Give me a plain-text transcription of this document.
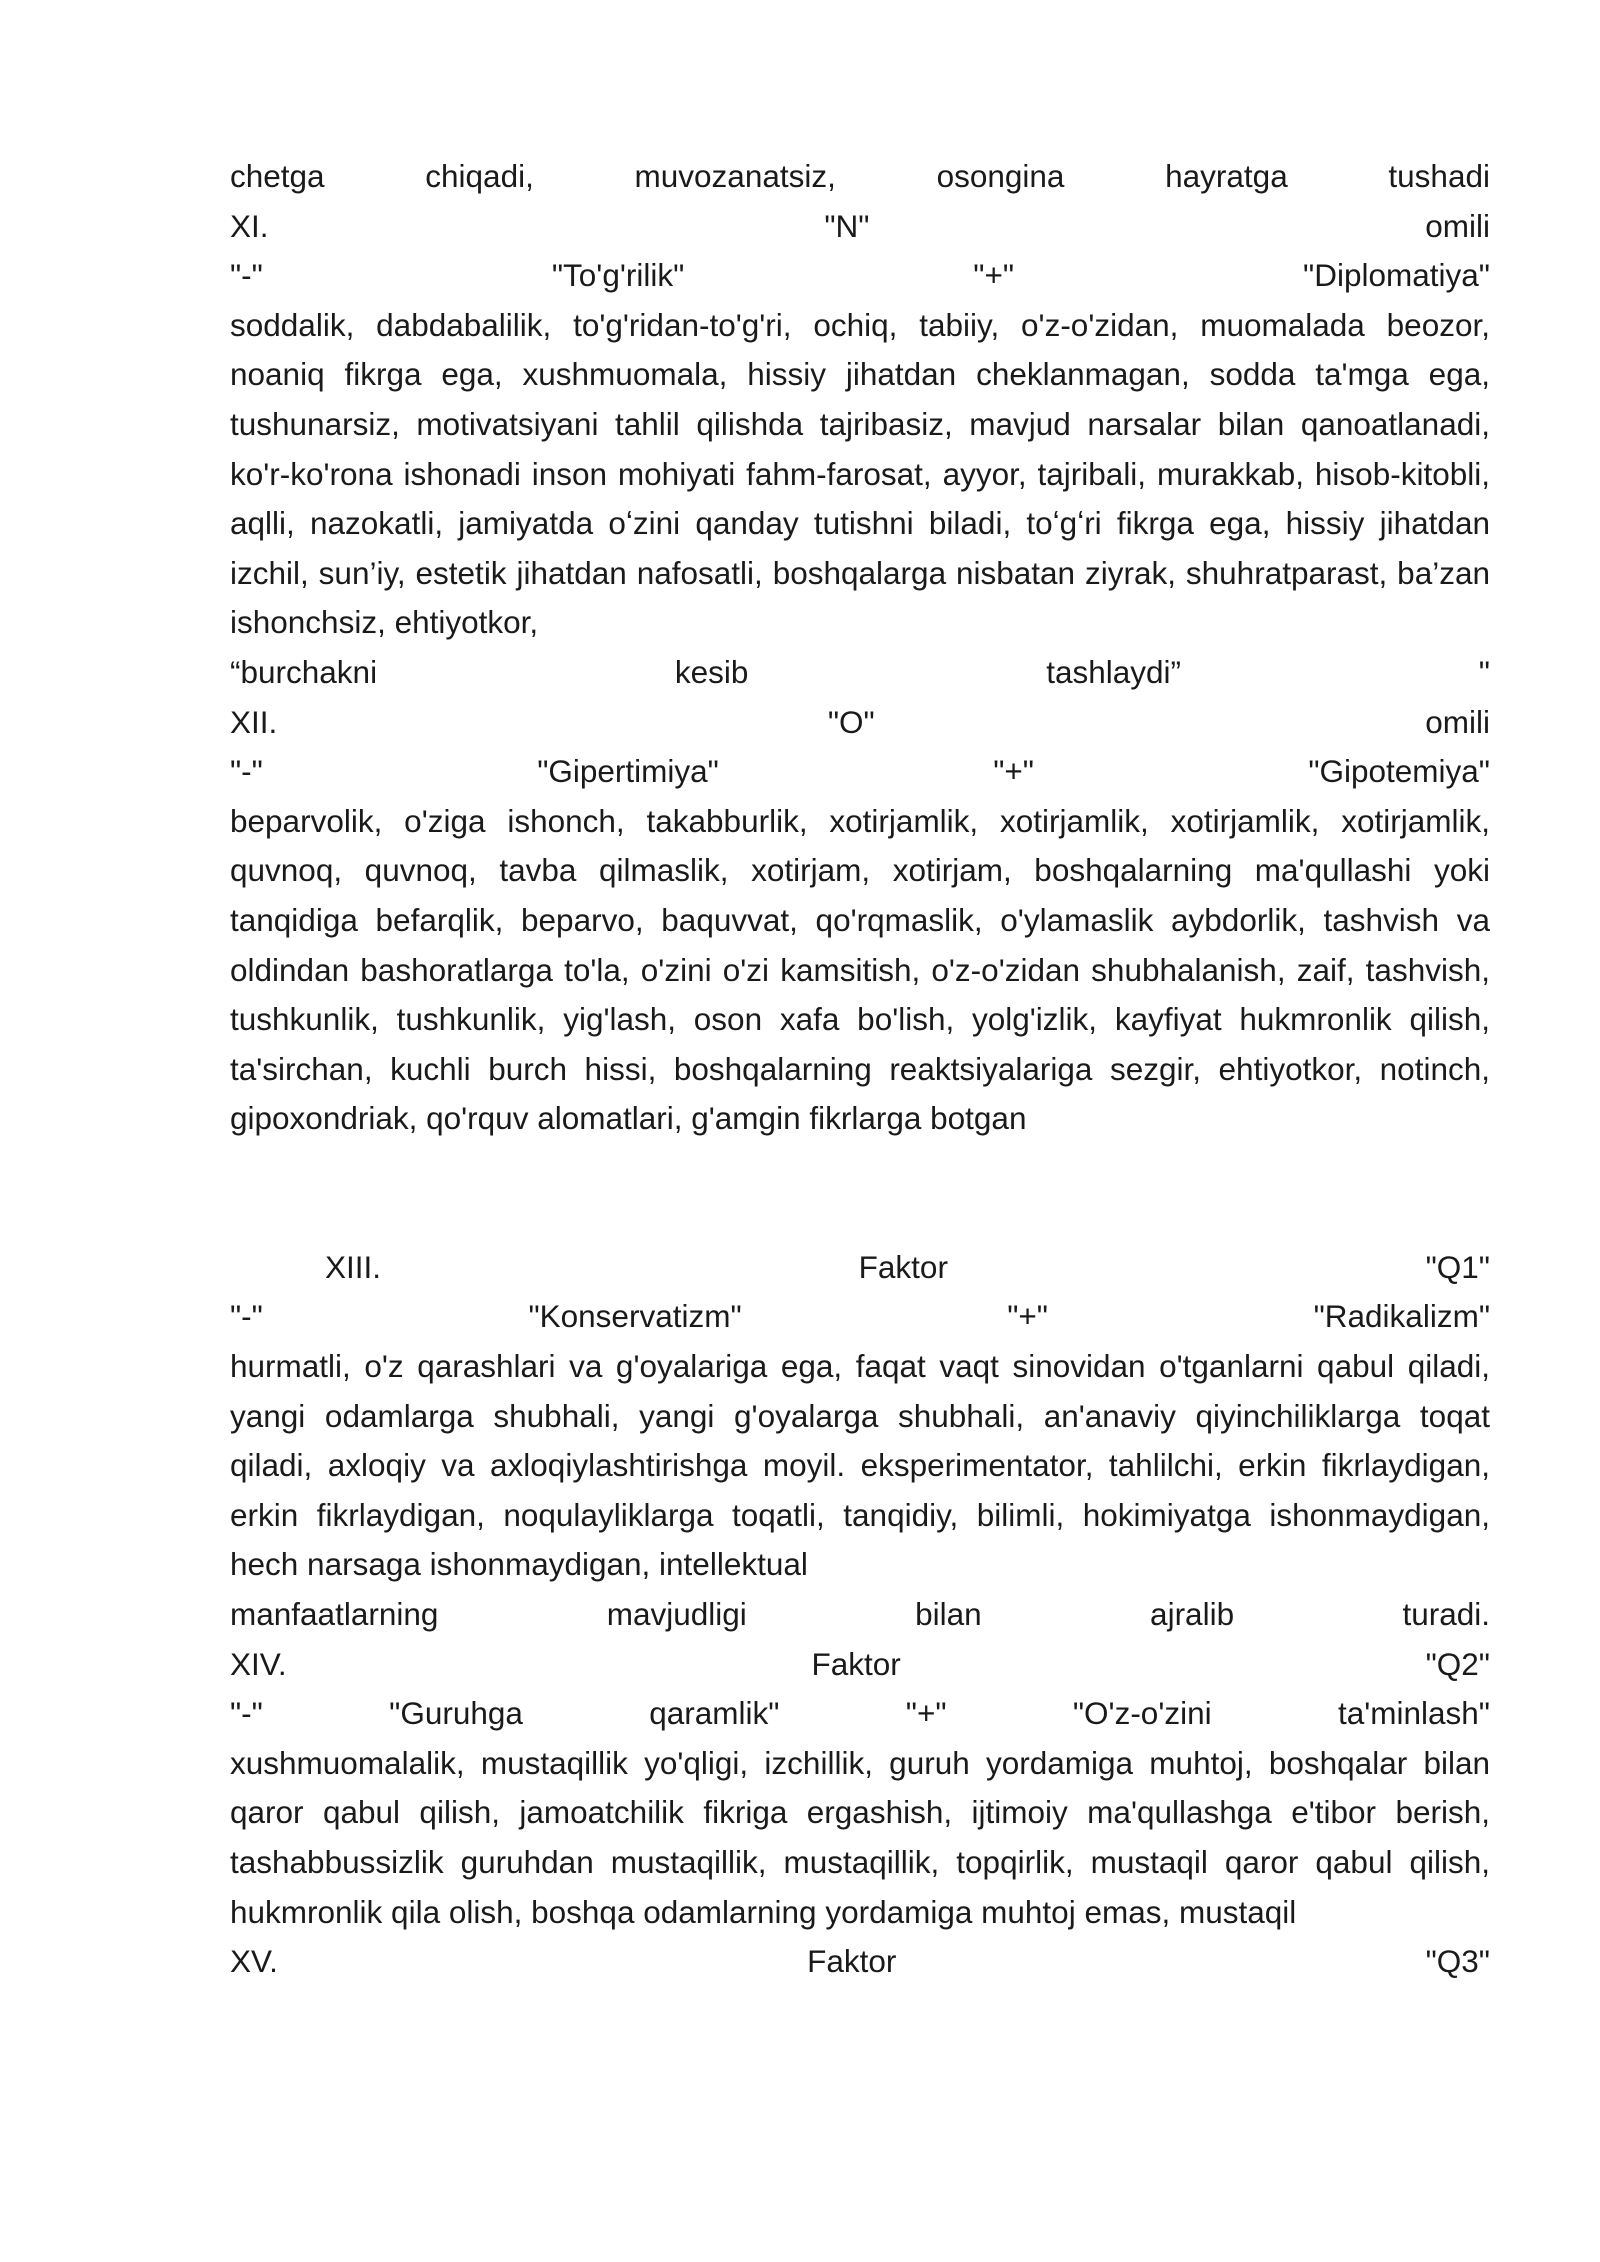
chetga	chiqadi,	muvozanatsiz,	osongina	hayratga	tushadi
XI.	"N"	omili
"-"	"To'g'rilik"	"+"	"Diplomatiya"
soddalik, dabdabalilik, to'g'ridan-to'g'ri, ochiq, tabiiy, o'z-o'zidan, muomalada beozor, noaniq fikrga ega, xushmuomala, hissiy jihatdan cheklanmagan, sodda ta'mga ega, tushunarsiz, motivatsiyani tahlil qilishda tajribasiz, mavjud narsalar bilan qanoatlanadi, ko'r-ko'rona ishonadi inson mohiyati fahm-farosat, ayyor, tajribali, murakkab, hisob-kitobli, aqlli, nazokatli, jamiyatda oʻzini qanday tutishni biladi, toʻgʻri fikrga ega, hissiy jihatdan izchil, sun’iy, estetik jihatdan nafosatli, boshqalarga nisbatan ziyrak, shuhratparast, ba’zan ishonchsiz, ehtiyotkor,
“burchakni	kesib	tashlaydi”	"
XII.	"O"	omili
"-"	"Gipertimiya"	"+"	"Gipotemiya"
beparvolik, o'ziga ishonch, takabburlik, xotirjamlik, xotirjamlik, xotirjamlik, xotirjamlik, quvnoq, quvnoq, tavba qilmaslik, xotirjam, xotirjam, boshqalarning ma'qullashi yoki tanqidiga befarqlik, beparvo, baquvvat, qo'rqmaslik, o'ylamaslik aybdorlik, tashvish va oldindan bashoratlarga to'la, o'zini o'zi kamsitish, o'z-o'zidan shubhalanish, zaif, tashvish, tushkunlik, tushkunlik, yig'lash, oson xafa bo'lish, yolg'izlik, kayfiyat hukmronlik qilish, ta'sirchan, kuchli burch hissi, boshqalarning reaktsiyalariga sezgir, ehtiyotkor, notinch, gipoxondriak, qo'rquv alomatlari, g'amgin fikrlarga botgan
XIII.	Faktor	"Q1"
"-"	"Konservatizm"	"+"	"Radikalizm"
hurmatli, o'z qarashlari va g'oyalariga ega, faqat vaqt sinovidan o'tganlarni qabul qiladi, yangi odamlarga shubhali, yangi g'oyalarga shubhali, an'anaviy qiyinchiliklarga toqat qiladi, axloqiy va axloqiylashtirishga moyil. eksperimentator, tahlilchi, erkin fikrlaydigan, erkin fikrlaydigan, noqulayliklarga toqatli, tanqidiy, bilimli, hokimiyatga ishonmaydigan, hech narsaga ishonmaydigan, intellektual
manfaatlarning	mavjudligi	bilan	ajralib	turadi.
XIV.	Faktor	"Q2"
"-"	"Guruhga	qaramlik"	"+"	"O'z-o'zini	ta'minlash"
xushmuomalalik, mustaqillik yo'qligi, izchillik, guruh yordamiga muhtoj, boshqalar bilan qaror qabul qilish, jamoatchilik fikriga ergashish, ijtimoiy ma'qullashga e'tibor berish, tashabbussizlik guruhdan mustaqillik, mustaqillik, topqirlik, mustaqil qaror qabul qilish, hukmronlik qila olish, boshqa odamlarning yordamiga muhtoj emas, mustaqil
XV.	Faktor	"Q3"
